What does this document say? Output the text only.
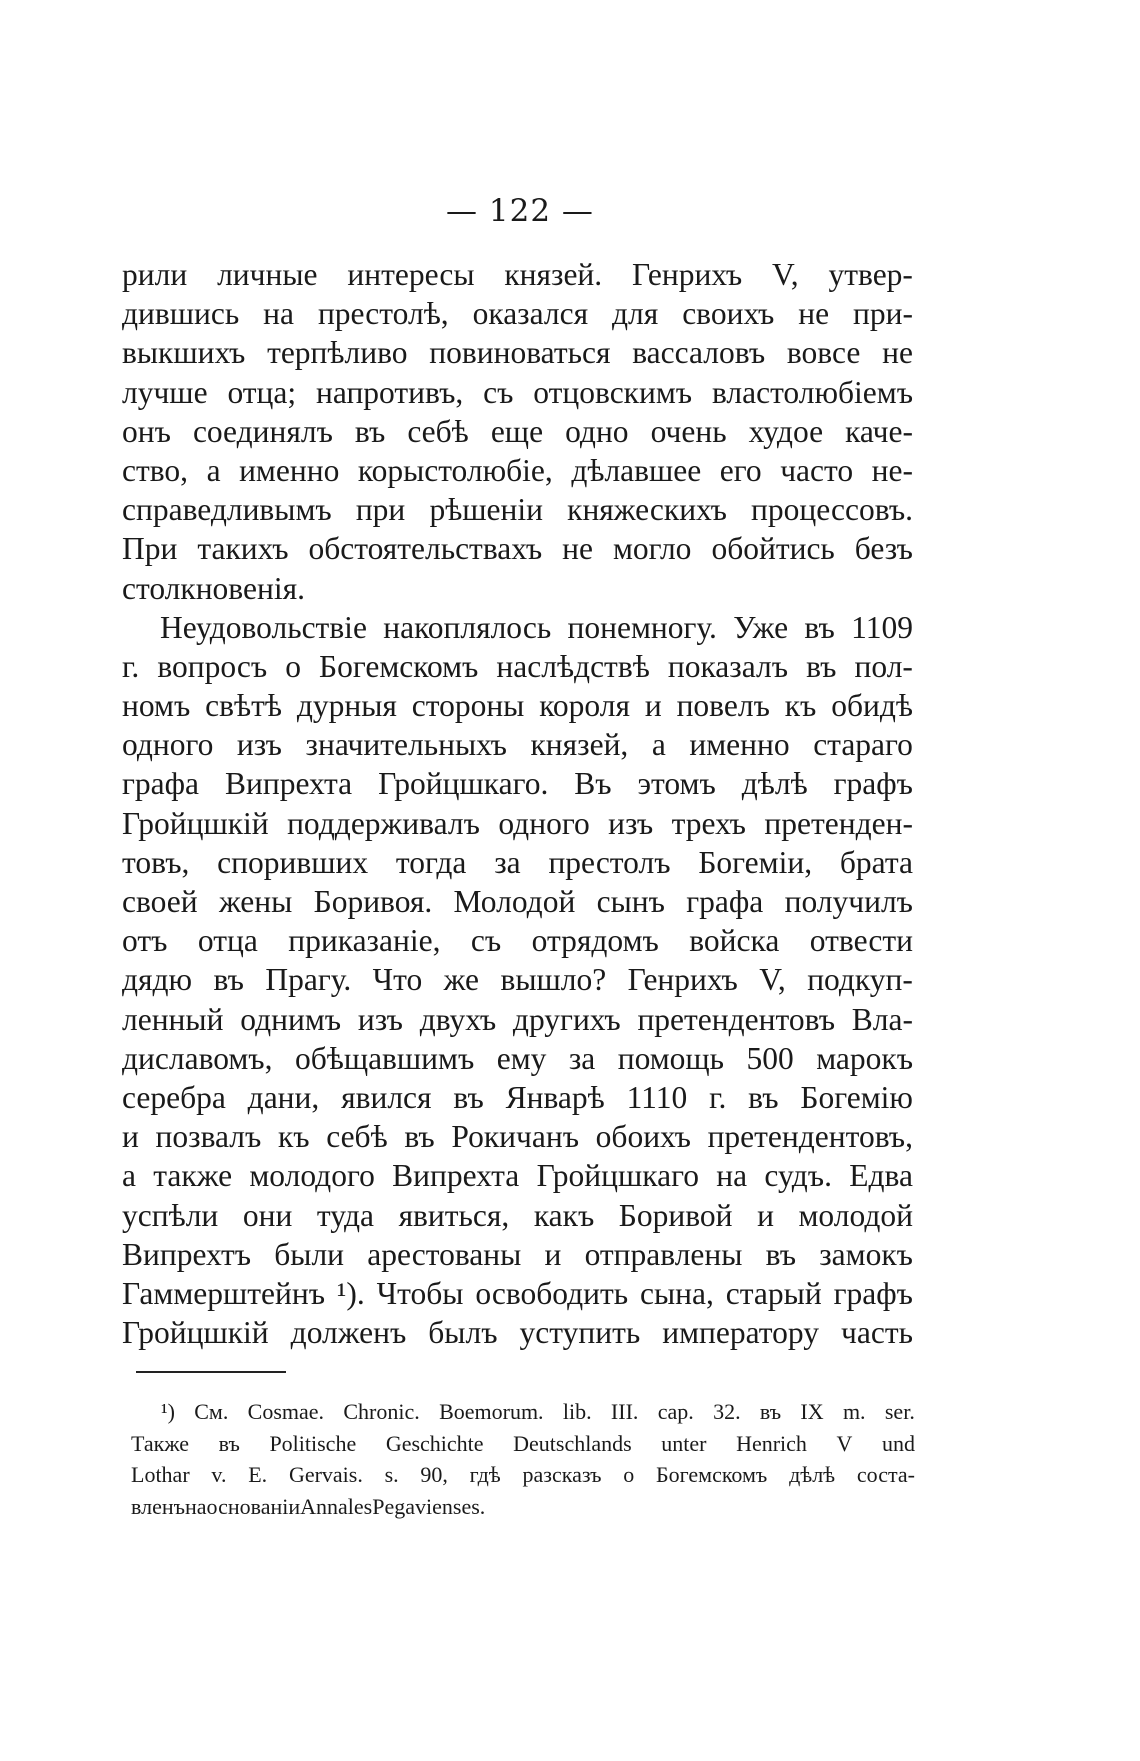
— 122 —
рили личные интересы князей. Генрихъ V, утвер-
дившись на престолѣ, оказался для своихъ не при-
выкшихъ терпѣливо повиноваться вассаловъ вовсе не
лучше отца; напротивъ, съ отцовскимъ властолюбіемъ
онъ соединялъ въ себѣ еще одно очень худое каче-
ство, а именно корыстолюбіе, дѣлавшее его часто не-
справедливымъ при рѣшеніи княжескихъ процессовъ.
При такихъ обстоятельствахъ не могло обойтись безъ
столкновенія.
Неудовольствіе накоплялось понемногу. Уже въ 1109
г. вопросъ о Богемскомъ наслѣдствѣ показалъ въ пол-
номъ свѣтѣ дурныя стороны короля и повелъ къ обидѣ
одного изъ значительныхъ князей, а именно стараго
графа Випрехта Гройцшкаго. Въ этомъ дѣлѣ графъ
Гройцшкій поддерживалъ одного изъ трехъ претенден-
товъ, споривших тогда за престолъ Богеміи, брата
своей жены Боривоя. Молодой сынъ графа получилъ
отъ отца приказаніе, съ отрядомъ войска отвести
дядю въ Прагу. Что же вышло? Генрихъ V, подкуп-
ленный однимъ изъ двухъ другихъ претендентовъ Вла-
диславомъ, обѣщавшимъ ему за помощь 500 марокъ
серебра дани, явился въ Январѣ 1110 г. въ Богемію
и позвалъ къ себѣ въ Рокичанъ обоихъ претендентовъ,
а также молодого Випрехта Гройцшкаго на судъ. Едва
успѣли они туда явиться, какъ Боривой и молодой
Випрехтъ были арестованы и отправлены въ замокъ
Гаммерштейнъ ¹). Чтобы освободить сына, старый графъ
Гройцшкій долженъ былъ уступить императору часть
¹) См. Cosmae. Chronic. Boemorum. lib. III. cap. 32. въ IX m. ser.
Также въ Politische Geschichte Deutschlands unter Henrich V und
Lothar v. E. Gervais. s. 90, гдѣ разсказъ о Богемскомъ дѣлѣ соста-
вленъ на основаніи Annales Pegavienses.
